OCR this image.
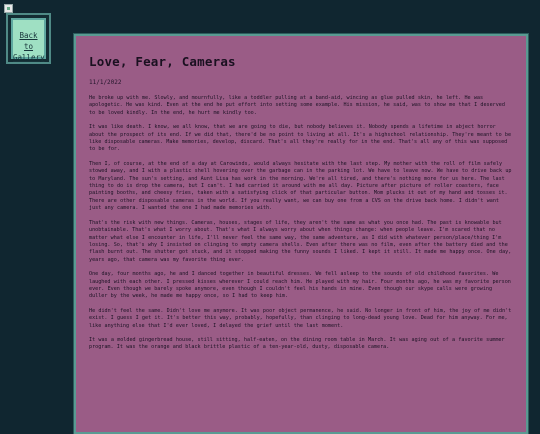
Back to Gallery	Love, Fear, Cameras
11/1/2022

He broke up with me. Slowly, and mournfully, like a toddler pulling at a band-aid, wincing as glue pulled skin, he left. He was apologetic. He was kind. Even at the end he put effort into setting some example. His mission, he said, was to show me that I deserved to be loved kindly. In the end, he hurt me kindly too.

It was like death. I know, we all know, that we are going to die, but nobody believes it. Nobody spends a lifetime in abject horror about the prospect of its end. If we did that, there'd be no point to living at all. It's a highschool relationship. They're meant to be like disposable cameras. Make memories, develop, discard. That's all they're really for in the end. That's all any of this was supposed to be for.

Then I, of course, at the end of a day at Carowinds, would always hesitate with the last step. My mother with the roll of film safely stowed away, and I with a plastic shell hovering over the garbage can in the parking lot. We have to leave now. We have to drive back up to Maryland. The sun's setting, and Aunt Lisa has work in the morning. We're all tired, and there's nothing more for us here. The last thing to do is drop the camera, but I can't. I had carried it around with me all day. Picture after picture of roller coasters, face painting booths, and cheesy fries, taken with a satisfying click of that particular button. Mom plucks it out of my hand and tosses it. There are other disposable cameras in the world. If you really want, we can buy one from a CVS on the drive back home. I didn't want just any camera. I wanted the one I had made memories with.

That's the risk with new things. Cameras, houses, stages of life, they aren't the same as what you once had. The past is knowable but unobtainable. That's what I worry about. That's what I always worry about when things change: when people leave. I'm scared that no matter what else I encounter in life, I'll never feel the same way, the same adventure, as I did with whatever person/place/thing I'm losing. So, that's why I insisted on clinging to empty camera shells. Even after there was no film, even after the battery died and the flash burnt out. The shutter got stuck, and it stopped making the funny sounds I liked. I kept it still. It made me happy once. One day, years ago, that camera was my favorite thing ever.

One day, four months ago, he and I danced together in beautiful dresses. We fell asleep to the sounds of old childhood favorites. We laughed with each other. I pressed kisses wherever I could reach him. He played with my hair. Four months ago, he was my favorite person ever. Even though we barely spoke anymore, even though I couldn't feel his hands in mine. Even though our skype calls were growing duller by the week, he made me happy once, so I had to keep him.

He didn't feel the same. Didn't love me anymore. It was poor object permanence, he said. No longer in front of him, the joy of me didn't exist. I guess I get it. It's better this way, probably, hopefully, than clinging to long-dead young love. Dead for him anyway. For me, like anything else that I'd ever loved, I delayed the grief until the last moment.

It was a molded gingerbread house, still sitting, half-eaten, on the dining room table in March. It was aging out of a favorite summer program. It was the orange and black brittle plastic of a ten-year-old, dusty, disposable camera.
